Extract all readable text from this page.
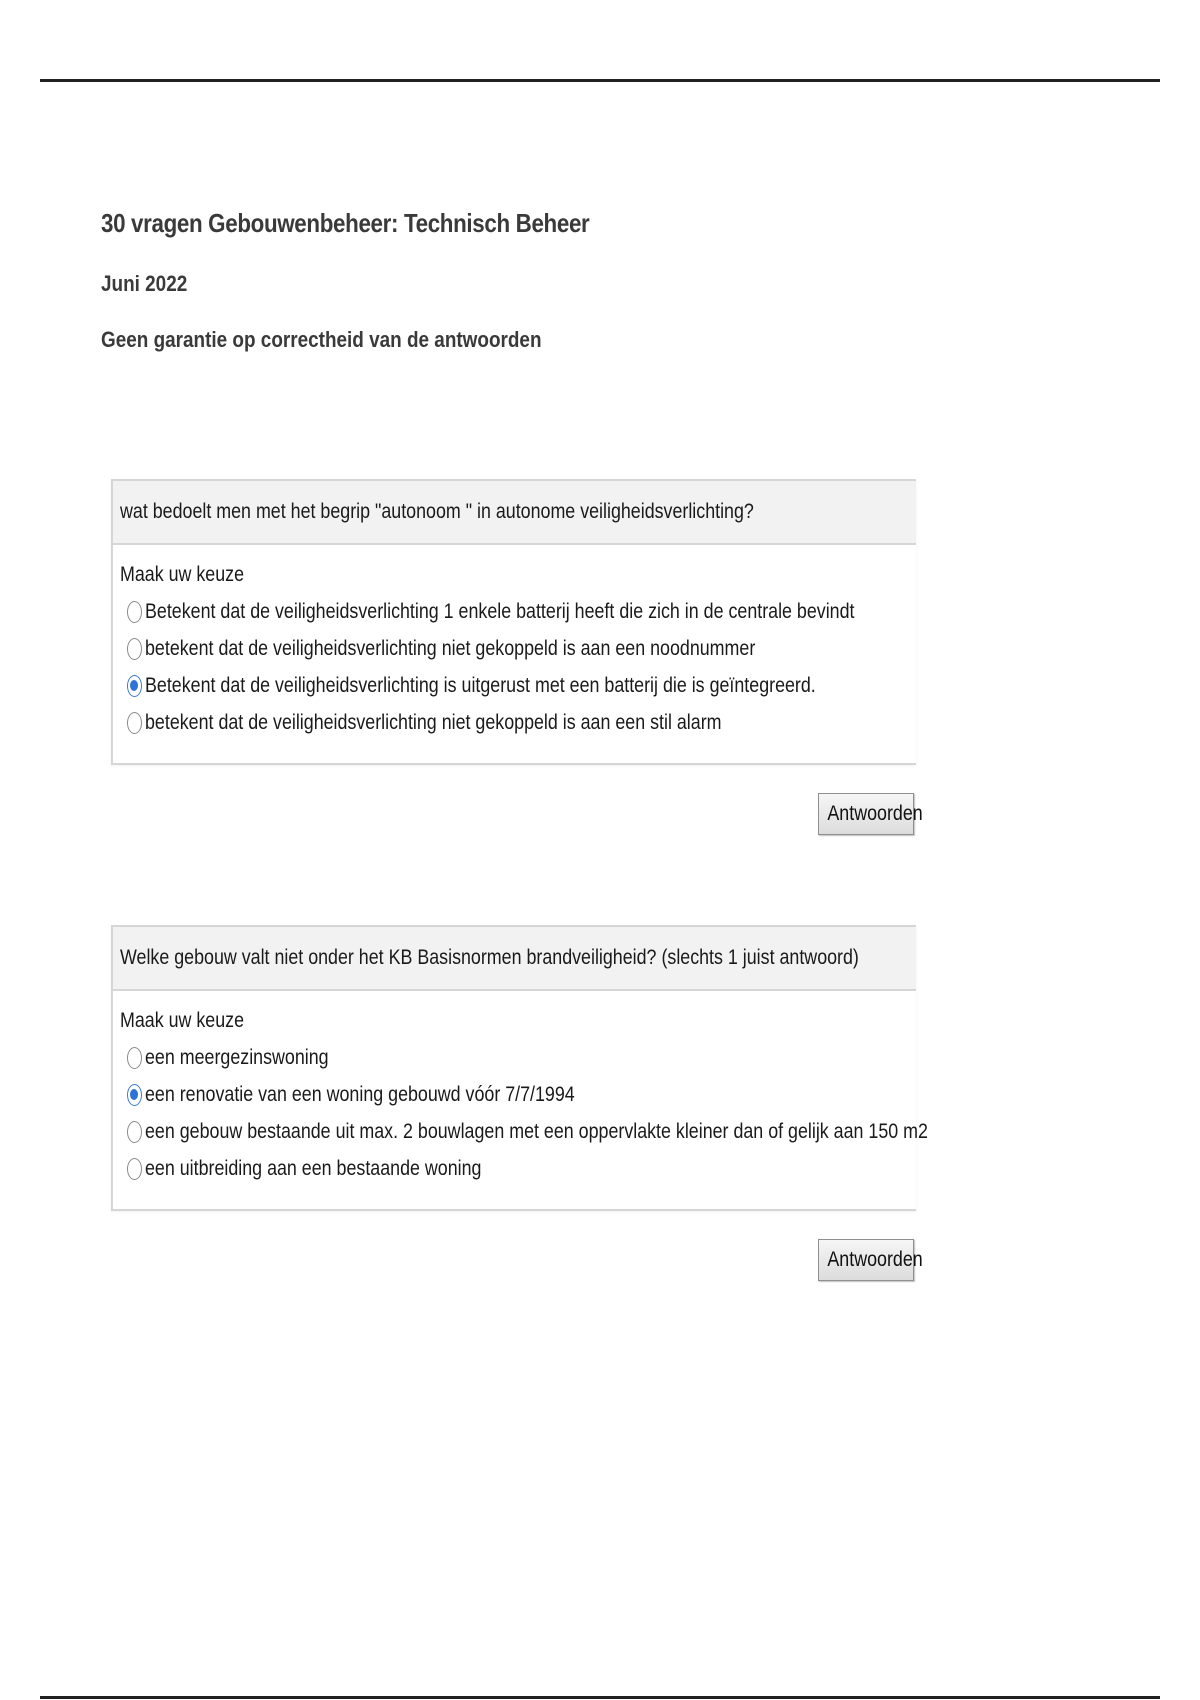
30 vragen Gebouwenbeheer: Technisch Beheer
Juni 2022
Geen garantie op correctheid van de antwoorden
wat bedoelt men met het begrip "autonoom " in autonome veiligheidsverlichting?
Maak uw keuze
Betekent dat de veiligheidsverlichting 1 enkele batterij heeft die zich in de centrale bevindt
betekent dat de veiligheidsverlichting niet gekoppeld is aan een noodnummer
Betekent dat de veiligheidsverlichting is uitgerust met een batterij die is geïntegreerd.
betekent dat de veiligheidsverlichting niet gekoppeld is aan een stil alarm
Antwoorden
Welke gebouw valt niet onder het KB Basisnormen brandveiligheid? (slechts 1 juist antwoord)
Maak uw keuze
een meergezinswoning
een renovatie van een woning gebouwd vóór 7/7/1994
een gebouw bestaande uit max. 2 bouwlagen met een oppervlakte kleiner dan of gelijk aan 150 m2
een uitbreiding aan een bestaande woning
Antwoorden
